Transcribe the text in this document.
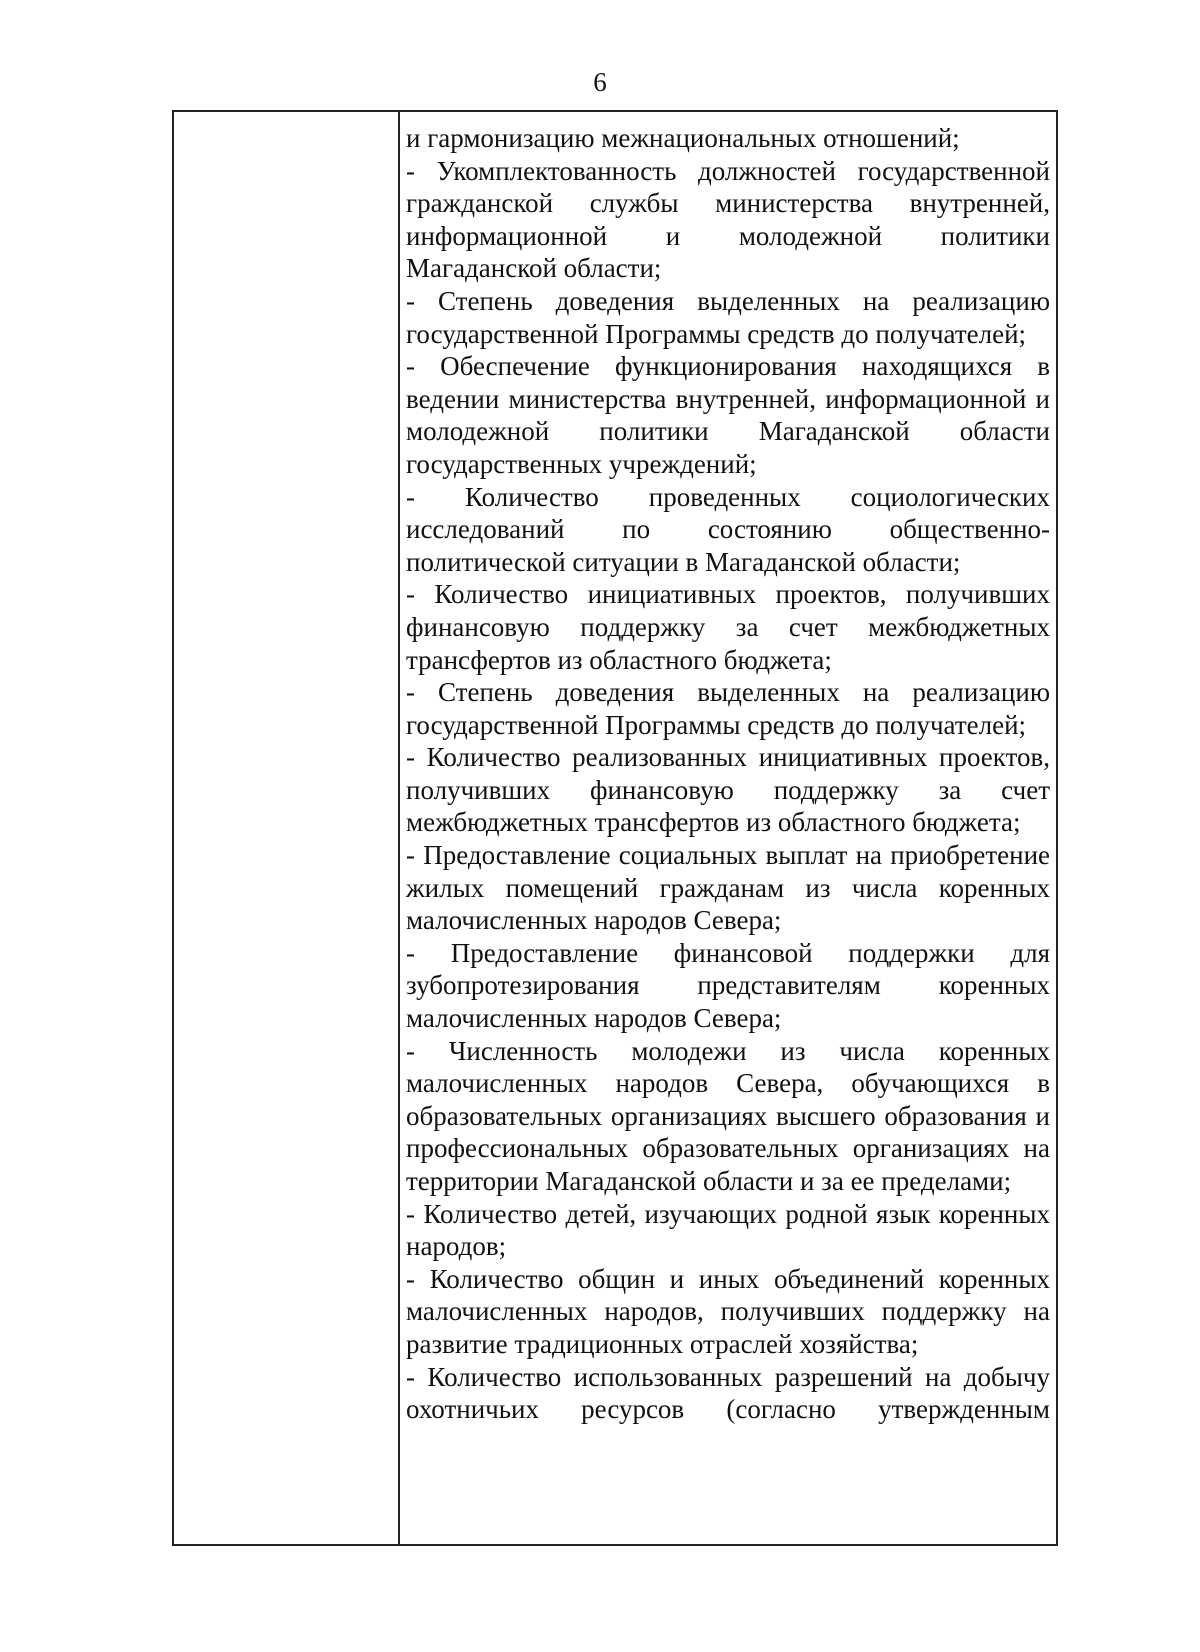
6

и гармонизацию межнациональных отношений;

- Укомплектованность должностей государственной гражданской службы министерства внутренней, информационной и молодежной политики Магаданской области;

- Степень доведения выделенных на реализацию государственной Программы средств до получателей;

- Обеспечение функционирования находящихся в ведении министерства внутренней, информационной и молодежной политики Магаданской области государственных учреждений;

- Количество проведенных социологических исследований по состоянию общественно-политической ситуации в Магаданской области;

- Количество инициативных проектов, получивших финансовую поддержку за счет межбюджетных трансфертов из областного бюджета;

- Степень доведения выделенных на реализацию государственной Программы средств до получателей;

- Количество реализованных инициативных проектов, получивших финансовую поддержку за счет межбюджетных трансфертов из областного бюджета;

- Предоставление социальных выплат на приобретение жилых помещений гражданам из числа коренных малочисленных народов Севера;

- Предоставление финансовой поддержки для зубопротезирования представителям коренных малочисленных народов Севера;

- Численность молодежи из числа коренных малочисленных народов Севера, обучающихся в образовательных организациях высшего образования и профессиональных образовательных организациях на территории Магаданской области и за ее пределами;

- Количество детей, изучающих родной язык коренных народов;

- Количество общин и иных объединений коренных малочисленных народов, получивших поддержку на развитие традиционных отраслей хозяйства;

- Количество использованных разрешений на добычу охотничьих ресурсов (согласно утвержденным
